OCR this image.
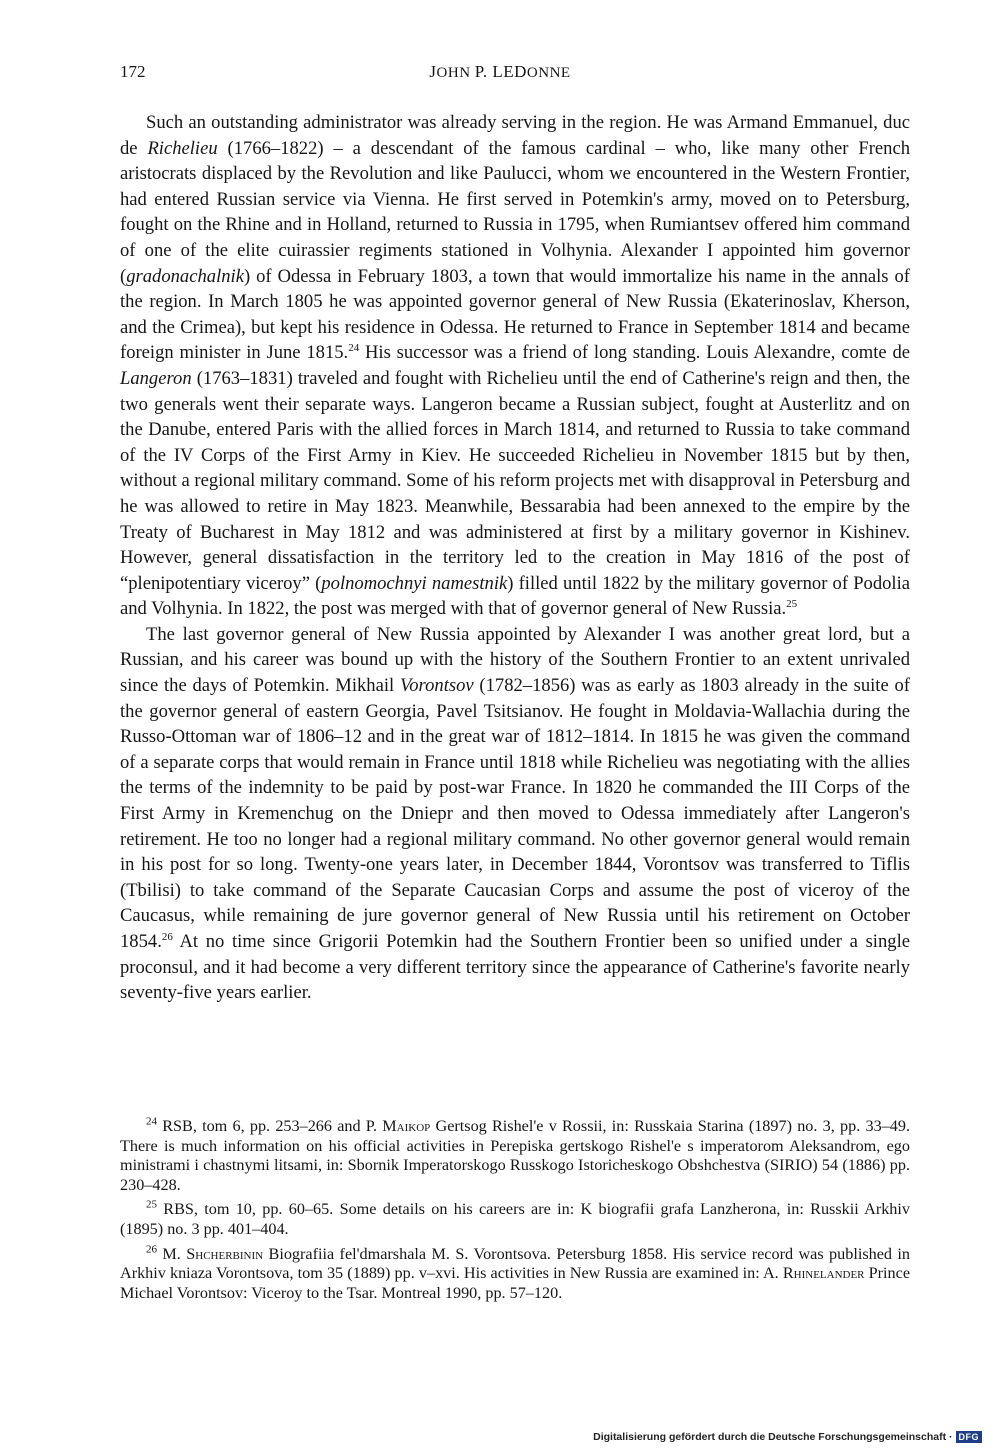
172	JOHN P. LEDONNE

Such an outstanding administrator was already serving in the region. He was Armand Emmanuel, duc de Richelieu (1766–1822) – a descendant of the famous cardinal – who, like many other French aristocrats displaced by the Revolution and like Paulucci, whom we encountered in the Western Frontier, had entered Russian service via Vienna. He first served in Potemkin's army, moved on to Petersburg, fought on the Rhine and in Holland, returned to Russia in 1795, when Rumiantsev offered him command of one of the elite cuirassier regiments stationed in Volhynia. Alexander I appointed him governor (gradonachalnik) of Odessa in February 1803, a town that would immortalize his name in the annals of the region. In March 1805 he was appointed governor general of New Russia (Ekaterinoslav, Kherson, and the Crimea), but kept his residence in Odessa. He returned to France in September 1814 and became foreign minister in June 1815.24 His successor was a friend of long standing. Louis Alexandre, comte de Langeron (1763–1831) traveled and fought with Richelieu until the end of Catherine's reign and then, the two generals went their separate ways. Langeron became a Russian subject, fought at Austerlitz and on the Danube, entered Paris with the allied forces in March 1814, and returned to Russia to take command of the IV Corps of the First Army in Kiev. He succeeded Richelieu in November 1815 but by then, without a regional military command. Some of his reform projects met with disapproval in Petersburg and he was allowed to retire in May 1823. Meanwhile, Bessarabia had been annexed to the empire by the Treaty of Bucharest in May 1812 and was administered at first by a military governor in Kishinev. However, general dissatisfaction in the territory led to the creation in May 1816 of the post of “plenipotentiary viceroy” (polnomochnyi namestnik) filled until 1822 by the military governor of Podolia and Volhynia. In 1822, the post was merged with that of governor general of New Russia.$^{25}$

The last governor general of New Russia appointed by Alexander I was another great lord, but a Russian, and his career was bound up with the history of the Southern Frontier to an extent unrivaled since the days of Potemkin. Mikhail Vorontsov (1782–1856) was as early as 1803 already in the suite of the governor general of eastern Georgia, Pavel Tsitsianov. He fought in Moldavia-Wallachia during the Russo-Ottoman war of 1806–12 and in the great war of 1812–1814. In 1815 he was given the command of a separate corps that would remain in France until 1818 while Richelieu was negotiating with the allies the terms of the indemnity to be paid by post-war France. In 1820 he commanded the III Corps of the First Army in Kremenchug on the Dniepr and then moved to Odessa immediately after Langeron's retirement. He too no longer had a regional military command. No other governor general would remain in his post for so long. Twenty-one years later, in December 1844, Vorontsov was transferred to Tiflis (Tbilisi) to take command of the Separate Caucasian Corps and assume the post of viceroy of the Caucasus, while remaining de jure governor general of New Russia until his retirement on October 1854.26 At no time since Grigorii Potemkin had the Southern Frontier been so unified under a single proconsul, and it had become a very different territory since the appearance of Catherine's favorite nearly seventy-five years earlier.

$^{24}$ RSB, tom 6, pp. 253–266 and P. Maikop Gertsog Rishel'e v Rossii, in: Russkaia Starina (1897) no. 3, pp. 33–49. There is much information on his official activities in Perepiska gertskogo Rishel'e s imperatorom Aleksandrom, ego ministrami i chastnymi litsami, in: Sbornik Imperatorskogo Russkogo Istoricheskogo Obshchestva (SIRIO) 54 (1886) pp. 230–428.

$^{25}$ RBS, tom 10, pp. 60–65. Some details on his careers are in: K biografii grafa Lanzherona, in: Russkii Arkhiv (1895) no. 3 pp. 401–404.

$^{26}$ M. Shcherbinin Biografiia fel'dmarshala M. S. Vorontsova. Petersburg 1858. His service record was published in Arkhiv kniaza Vorontsova, tom 35 (1889) pp. v–xvi. His activities in New Russia are examined in: A. Rhinelander Prince Michael Vorontsov: Viceroy to the Tsar. Montreal 1990, pp. 57–120.

Digitalisierung gefördert durch die Deutsche Forschungsgemeinschaft · DFG
